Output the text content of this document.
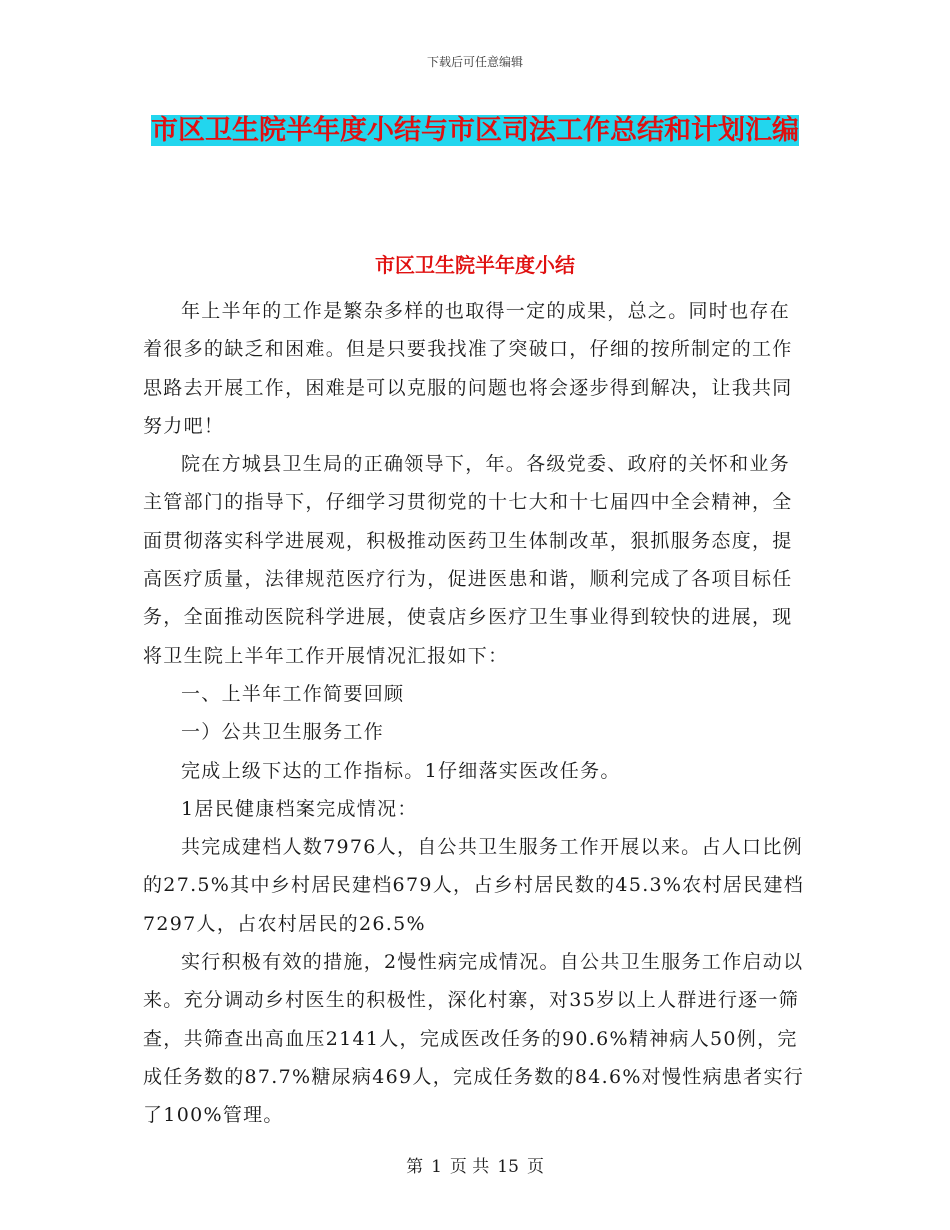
下载后可任意编辑
市区卫生院半年度小结与市区司法工作总结和计划汇编
市区卫生院半年度小结

年上半年的工作是繁杂多样的也取得一定的成果，总之。同时也存在着很多的缺乏和困难。但是只要我找准了突破口，仔细的按所制定的工作思路去开展工作，困难是可以克服的问题也将会逐步得到解决，让我共同努力吧！

院在方城县卫生局的正确领导下，年。各级党委、政府的关怀和业务主管部门的指导下，仔细学习贯彻党的十七大和十七届四中全会精神，全面贯彻落实科学进展观，积极推动医药卫生体制改革，狠抓服务态度，提高医疗质量，法律规范医疗行为，促进医患和谐，顺利完成了各项目标任务，全面推动医院科学进展，使袁店乡医疗卫生事业得到较快的进展，现将卫生院上半年工作开展情况汇报如下：

一、上半年工作简要回顾

一）公共卫生服务工作

完成上级下达的工作指标。1仔细落实医改任务。

1居民健康档案完成情况：

共完成建档人数7976人，自公共卫生服务工作开展以来。占人口比例的27.5%其中乡村居民建档679人，占乡村居民数的45.3%农村居民建档7297人，占农村居民的26.5%

实行积极有效的措施，2慢性病完成情况。自公共卫生服务工作启动以来。充分调动乡村医生的积极性，深化村寨，对35岁以上人群进行逐一筛查，共筛查出高血压2141人，完成医改任务的90.6%精神病人50例，完成任务数的87.7%糖尿病469人，完成任务数的84.6%对慢性病患者实行了100%管理。

第 1 页 共 15 页
